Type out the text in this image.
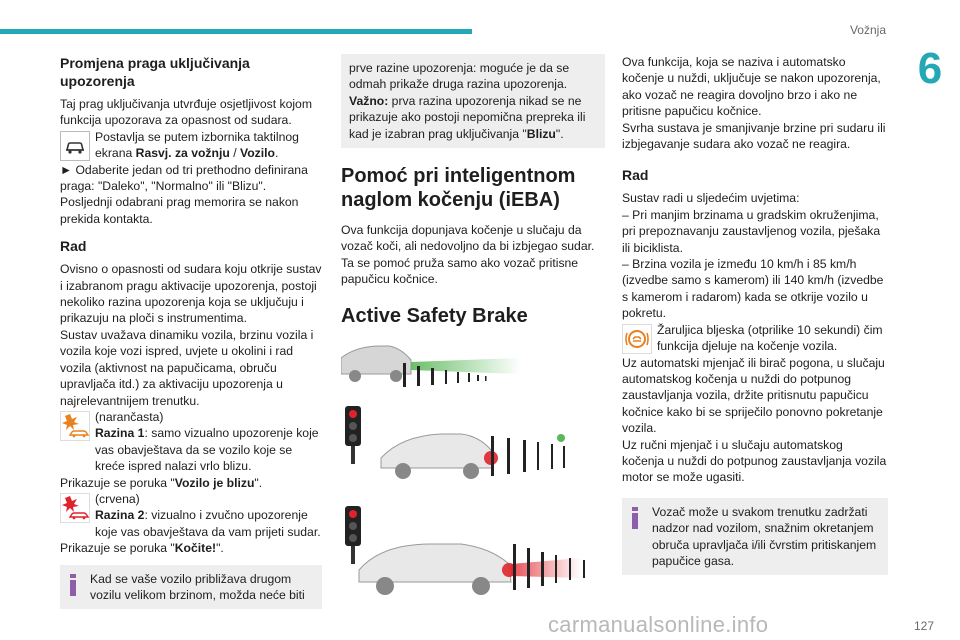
Vožnja
6
Promjena praga uključivanja upozorenja

Taj prag uključivanja utvrđuje osjetljivost kojom funkcija upozorava za opasnost od sudara.

Postavlja se putem izbornika taktilnog ekrana Rasvj. za vožnju / Vozilo.

► Odaberite jedan od tri prethodno definirana praga: "Daleko", "Normalno" ili "Blizu".

Posljednji odabrani prag memorira se nakon prekida kontakta.

Rad

Ovisno o opasnosti od sudara koju otkrije sustav i izabranom pragu aktivacije upozorenja, postoji nekoliko razina upozorenja koja se uključuju i prikazuju na ploči s instrumentima.

Sustav uvažava dinamiku vozila, brzinu vozila i vozila koje vozi ispred, uvjete u okolini i rad vozila (aktivnost na papučicama, obruču upravljača itd.) za aktivaciju upozorenja u najrelevantnijem trenutku.

(narančasta)
Razina 1: samo vizualno upozorenje koje vas obavještava da se vozilo koje se kreće ispred nalazi vrlo blizu.

Prikazuje se poruka "Vozilo je blizu".

(crvena)
Razina 2: vizualno i zvučno upozorenje koje vas obavještava da vam prijeti sudar.

Prikazuje se poruka "Kočite!".

Kad se vaše vozilo približava drugom vozilu velikom brzinom, možda neće biti

prve razine upozorenja: moguće je da se odmah prikaže druga razina upozorenja.

Važno: prva razina upozorenja nikad se ne prikazuje ako postoji nepomična prepreka ili kad je izabran prag uključivanja "Blizu".

Pomoć pri inteligentnom naglom kočenju (iEBA)

Ova funkcija dopunjava kočenje u slučaju da vozač koči, ali nedovoljno da bi izbjegao sudar. Ta se pomoć pruža samo ako vozač pritisne papučicu kočnice.

Active Safety Brake

Ova funkcija, koja se naziva i automatsko kočenje u nuždi, uključuje se nakon upozorenja, ako vozač ne reagira dovoljno brzo i ako ne pritisne papučicu kočnice.

Svrha sustava je smanjivanje brzine pri sudaru ili izbjegavanje sudara ako vozač ne reagira.

Rad

Sustav radi u sljedećim uvjetima:

– Pri manjim brzinama u gradskim okruženjima, pri prepoznavanju zaustavljenog vozila, pješaka ili biciklista.

– Brzina vozila je između 10 km/h i 85 km/h (izvedbe samo s kamerom) ili 140 km/h (izvedbe s kamerom i radarom) kada se otkrije vozilo u pokretu.

Žaruljica bljeska (otprilike 10 sekundi) čim funkcija djeluje na kočenje vozila.

Uz automatski mjenjač ili birač pogona, u slučaju automatskog kočenja u nuždi do potpunog zaustavljanja vozila, držite pritisnutu papučicu kočnice kako bi se spriječilo ponovno pokretanje vozila.

Uz ručni mjenjač i u slučaju automatskog kočenja u nuždi do potpunog zaustavljanja vozila motor se može ugasiti.

Vozač može u svakom trenutku zadržati nadzor nad vozilom, snažnim okretanjem obruča upravljača i/ili čvrstim pritiskanjem papučice gasa.
carmanualsonline.info	127
